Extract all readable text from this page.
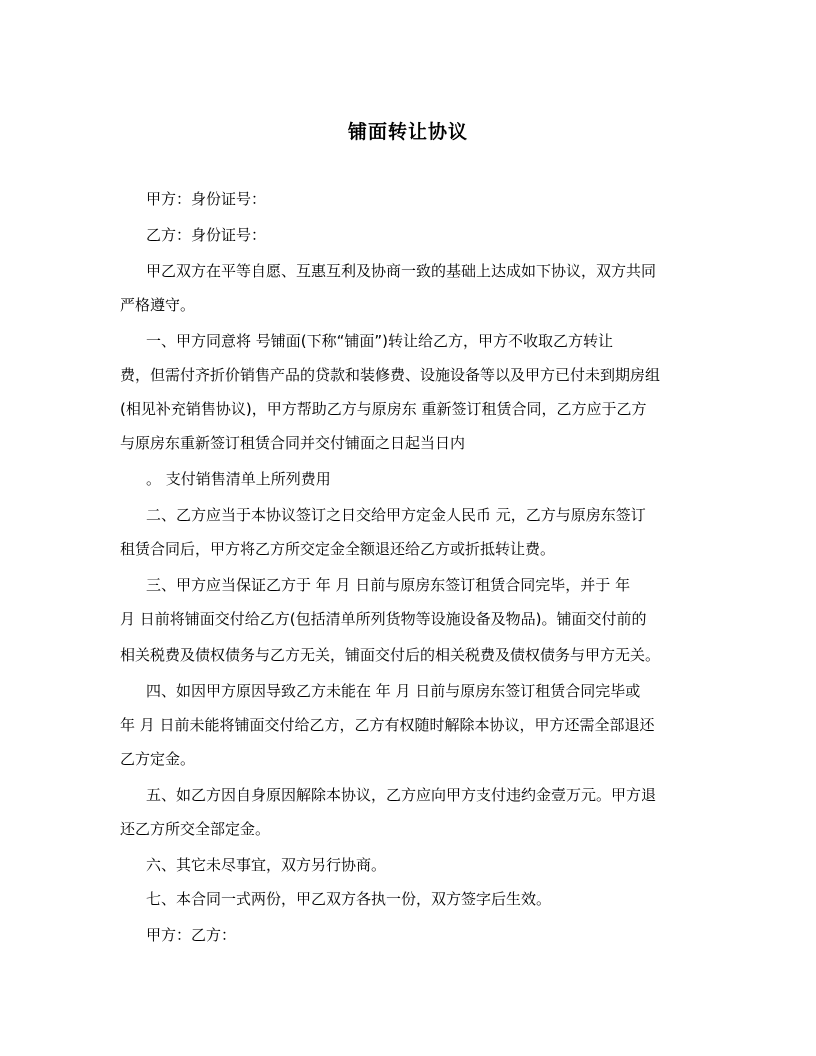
铺面转让协议

甲方：身份证号：

乙方：身份证号：

甲乙双方在平等自愿、互惠互利及协商一致的基础上达成如下协议，双方共同

严格遵守。

一、甲方同意将 号铺面(下称“铺面”)转让给乙方，甲方不收取乙方转让

费，但需付齐折价销售产品的贷款和装修费、设施设备等以及甲方已付未到期房组

(相见补充销售协议)，甲方帮助乙方与原房东 重新签订租赁合同，乙方应于乙方

与原房东重新签订租赁合同并交付铺面之日起当日内

。 支付销售清单上所列费用

二、乙方应当于本协议签订之日交给甲方定金人民币 元，乙方与原房东签订

租赁合同后，甲方将乙方所交定金全额退还给乙方或折抵转让费。

三、甲方应当保证乙方于 年 月 日前与原房东签订租赁合同完毕，并于 年

月 日前将铺面交付给乙方(包括清单所列货物等设施设备及物品)。铺面交付前的

相关税费及债权债务与乙方无关，铺面交付后的相关税费及债权债务与甲方无关。

四、如因甲方原因导致乙方未能在 年 月 日前与原房东签订租赁合同完毕或

年 月 日前未能将铺面交付给乙方，乙方有权随时解除本协议，甲方还需全部退还

乙方定金。

五、如乙方因自身原因解除本协议，乙方应向甲方支付违约金壹万元。甲方退

还乙方所交全部定金。

六、其它未尽事宜，双方另行协商。

七、本合同一式两份，甲乙双方各执一份，双方签字后生效。

甲方：乙方：
